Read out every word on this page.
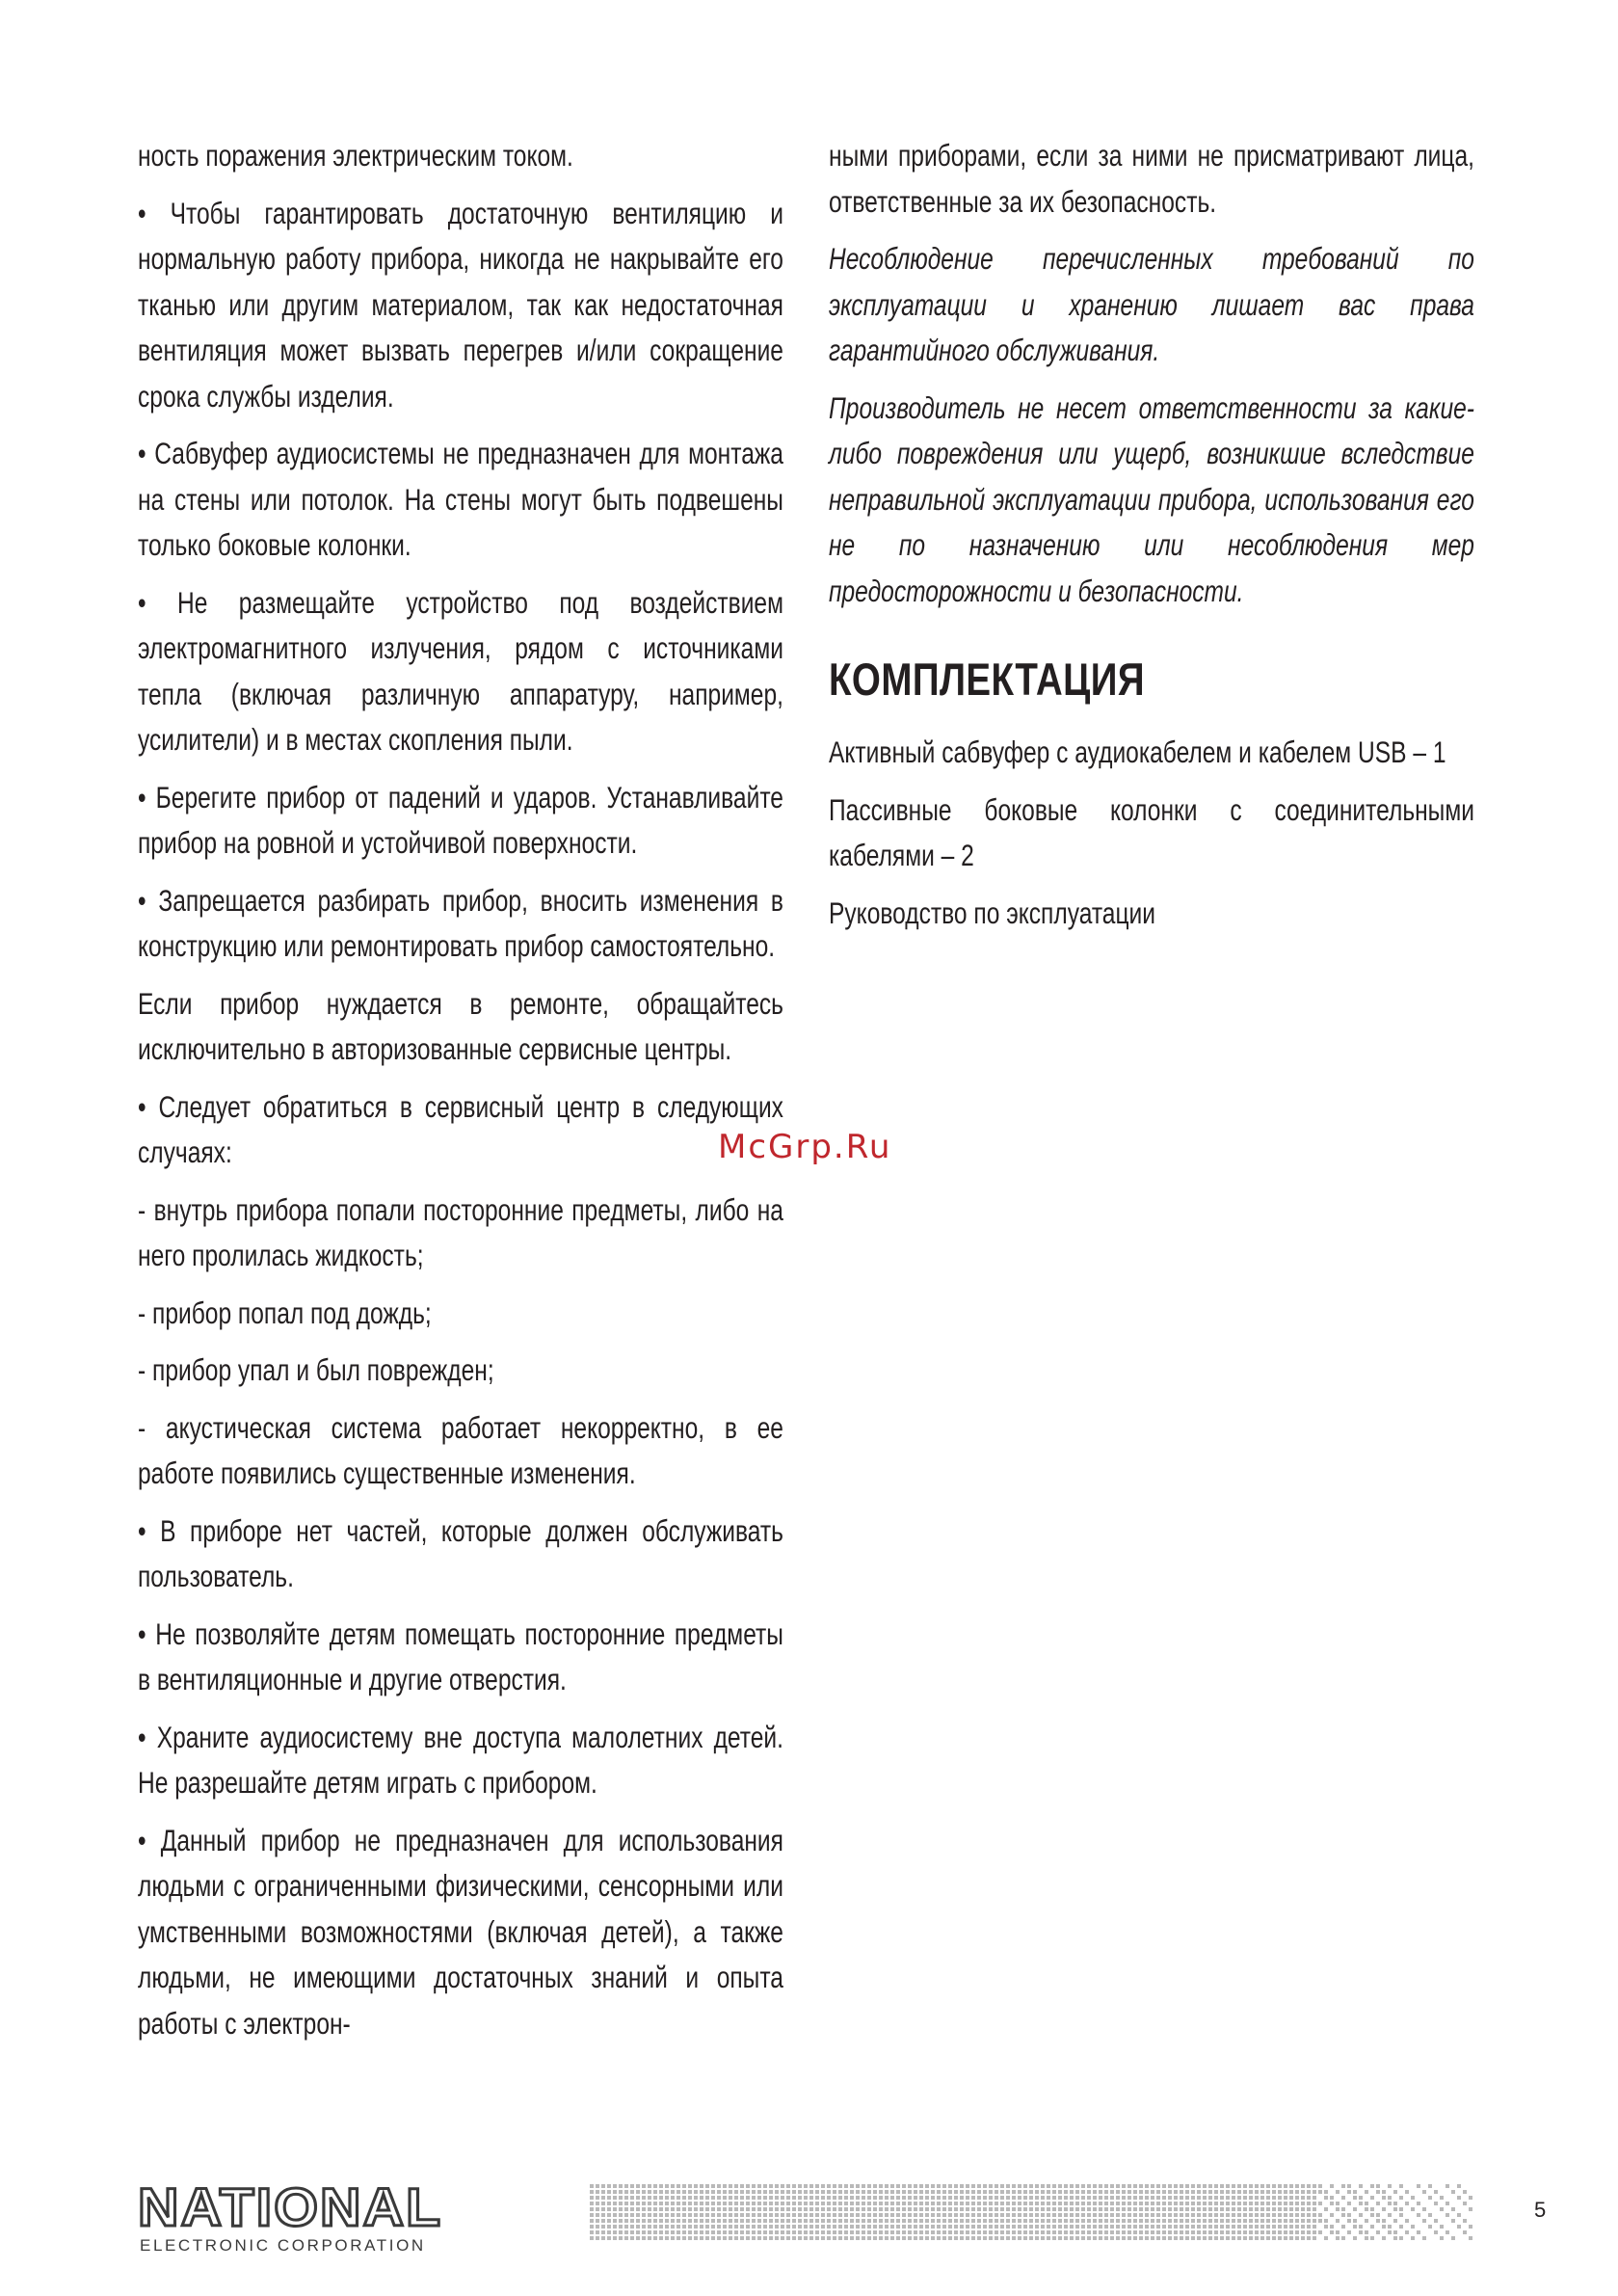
ность поражения электрическим током.

• Чтобы гарантировать достаточную вентиляцию и нормальную работу прибора, никогда не накрывайте его тканью или другим материалом, так как недостаточная вентиляция может вызвать перегрев и/или сокращение срока службы изделия.

• Сабвуфер аудиосистемы не предназначен для монтажа на стены или потолок. На стены могут быть подвешены только боковые колонки.

• Не размещайте устройство под воздействием электромагнитного излучения, рядом с источниками тепла (включая различную аппаратуру, например, усилители) и в местах скопления пыли.

• Берегите прибор от падений и ударов. Устанавливайте прибор на ровной и устойчивой поверхности.

• Запрещается разбирать прибор, вносить изменения в конструкцию или ремонтировать прибор самостоятельно.

Если прибор нуждается в ремонте, обращайтесь исключительно в авторизованные сервисные центры.

• Следует обратиться в сервисный центр в следующих случаях:

- внутрь прибора попали посторонние предметы, либо на него пролилась жидкость;

- прибор попал под дождь;

- прибор упал и был поврежден;

- акустическая система работает некорректно, в ее работе появились существенные изменения.

• В приборе нет частей, которые должен обслуживать пользователь.

• Не позволяйте детям помещать посторонние предметы в вентиляционные и другие отверстия.

• Храните аудиосистему вне доступа малолетних детей. Не разрешайте детям играть с прибором.

• Данный прибор не предназначен для использования людьми с ограниченными физическими, сенсорными или умственными возможностями (включая детей), а также людьми, не имеющими достаточных знаний и опыта работы с электрон-

ными приборами, если за ними не присматривают лица, ответственные за их безопасность.

Несоблюдение перечисленных требований по эксплуатации и хранению лишает вас права гарантийного обслуживания.

Производитель не несет ответственности за какие-либо повреждения или ущерб, возникшие вследствие неправильной эксплуатации прибора, использования его не по назначению или несоблюдения мер предосторожности и безопасности.

КОМПЛЕКТАЦИЯ

Активный сабвуфер с аудиокабелем и кабелем USB – 1

Пассивные боковые колонки с соединительными кабелями – 2

Руководство по эксплуатации

McGrp.Ru
NATIONAL
ELECTRONIC CORPORATION
5
